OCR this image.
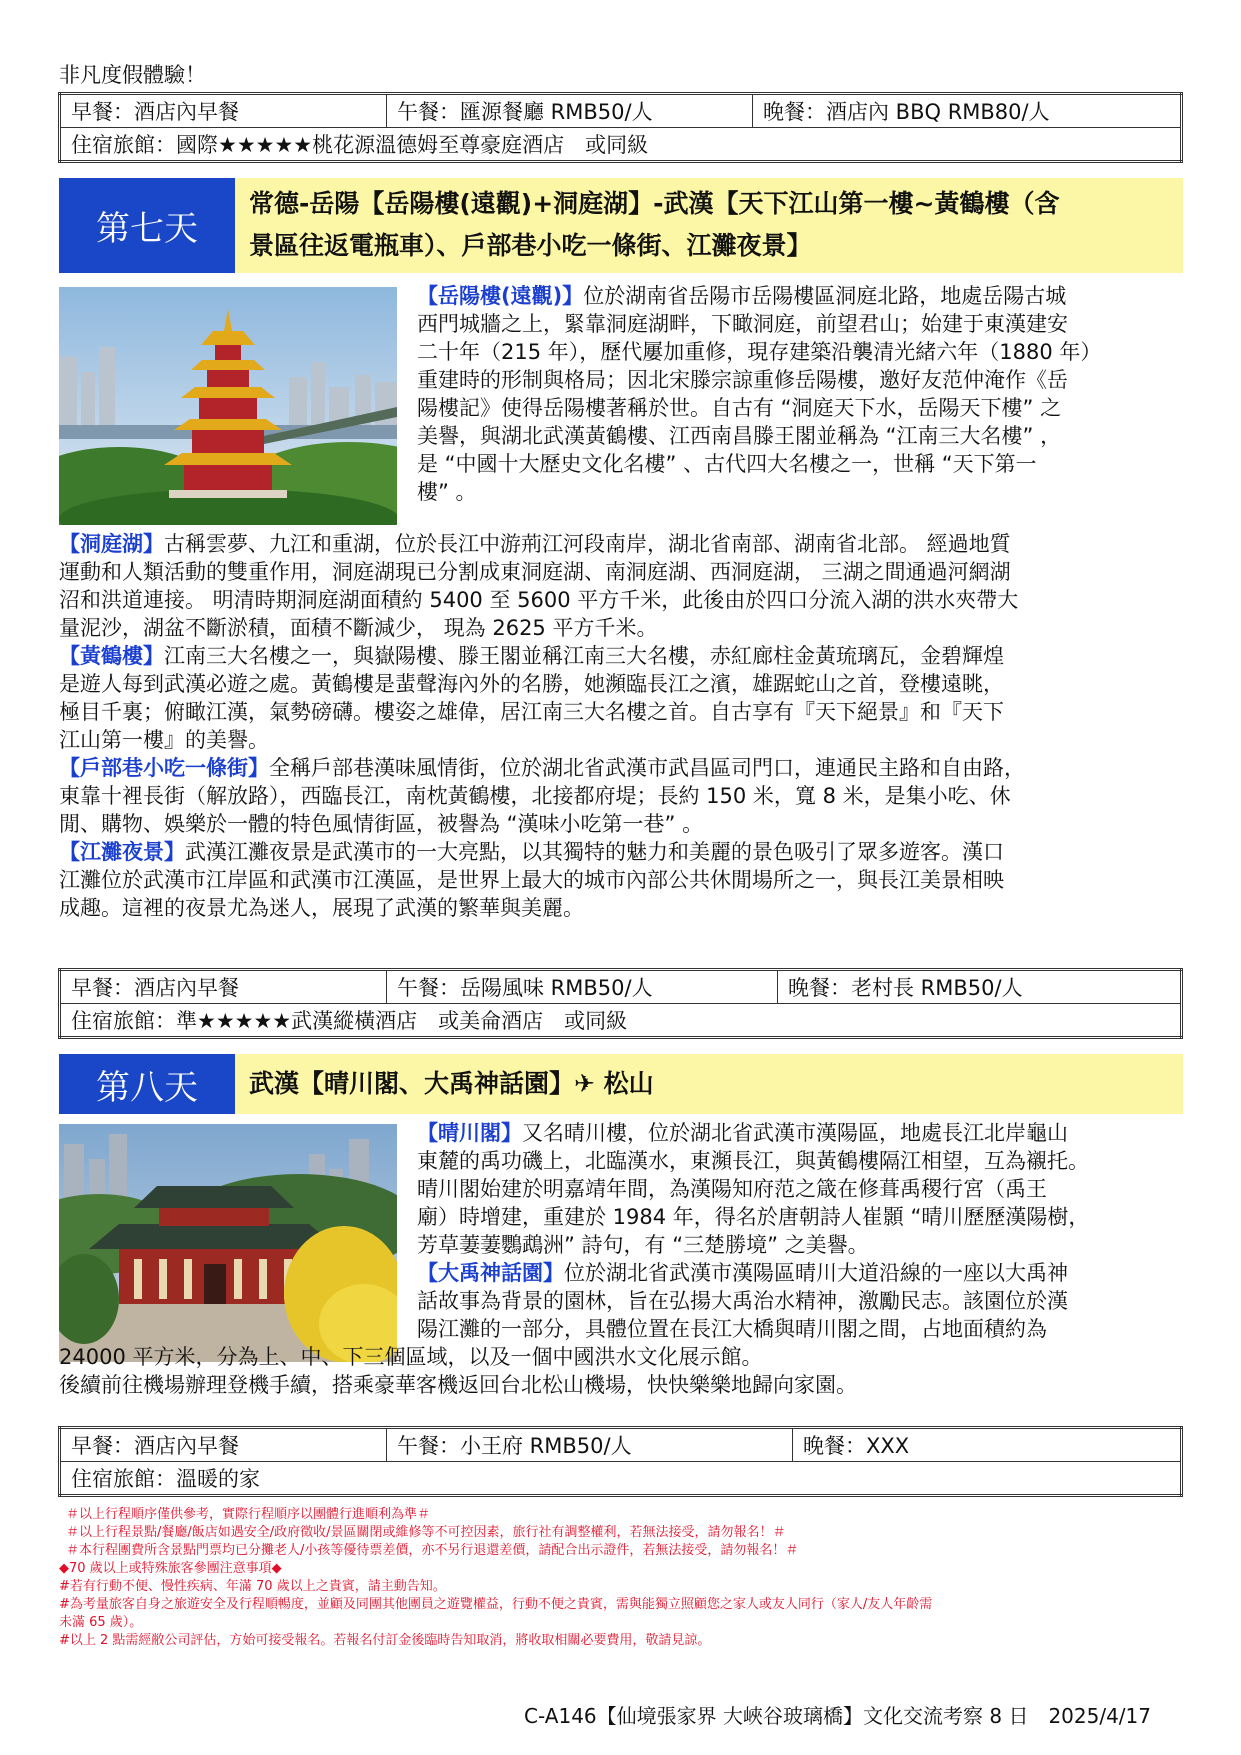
非凡度假體驗！
早餐：酒店內早餐	午餐：匯源餐廳 RMB50/人	晚餐：酒店內 BBQ RMB80/人
住宿旅館：國際★★★★★桃花源溫德姆至尊豪庭酒店　或同級
第七天
常德-岳陽【岳陽樓(遠觀)+洞庭湖】-武漢【天下江山第一樓~黃鶴樓（含
景區往返電瓶車）、戶部巷小吃一條街、江灘夜景】
【岳陽樓(遠觀)】位於湖南省岳陽市岳陽樓區洞庭北路，地處岳陽古城
西門城牆之上，緊靠洞庭湖畔，下瞰洞庭，前望君山；始建于東漢建安
二十年（215 年），歷代屢加重修，現存建築沿襲清光緒六年（1880 年）
重建時的形制與格局；因北宋滕宗諒重修岳陽樓，邀好友范仲淹作《岳
陽樓記》使得岳陽樓著稱於世。自古有 “洞庭天下水，岳陽天下樓” 之
美譽，與湖北武漢黃鶴樓、江西南昌滕王閣並稱為 “江南三大名樓” ，
是 “中國十大歷史文化名樓” 、古代四大名樓之一，世稱 “天下第一
樓” 。
【洞庭湖】古稱雲夢、九江和重湖，位於長江中游荊江河段南岸，湖北省南部、湖南省北部。 經過地質
運動和人類活動的雙重作用，洞庭湖現已分割成東洞庭湖、南洞庭湖、西洞庭湖， 三湖之間通過河網湖
沼和洪道連接。 明清時期洞庭湖面積約 5400 至 5600 平方千米，此後由於四口分流入湖的洪水夾帶大
量泥沙，湖盆不斷淤積，面積不斷減少， 現為 2625 平方千米。
【黃鶴樓】江南三大名樓之一，與嶽陽樓、滕王閣並稱江南三大名樓，赤紅廊柱金黃琉璃瓦，金碧輝煌
是遊人每到武漢必遊之處。黃鶴樓是蜚聲海內外的名勝，她瀕臨長江之濱，雄踞蛇山之首，登樓遠眺，
極目千裏；俯瞰江漢，氣勢磅礴。樓姿之雄偉，居江南三大名樓之首。自古享有『天下絕景』和『天下
江山第一樓』的美譽。
【戶部巷小吃一條街】全稱戶部巷漢味風情街，位於湖北省武漢市武昌區司門口，連通民主路和自由路，
東靠十裡長街（解放路），西臨長江，南枕黃鶴樓，北接都府堤；長約 150 米，寬 8 米，是集小吃、休
閒、購物、娛樂於一體的特色風情街區，被譽為 “漢味小吃第一巷” 。
【江灘夜景】武漢江灘夜景是武漢市的一大亮點，以其獨特的魅力和美麗的景色吸引了眾多遊客。漢口
江灘位於武漢市江岸區和武漢市江漢區，是世界上最大的城市內部公共休閒場所之一，與長江美景相映
成趣。這裡的夜景尤為迷人，展現了武漢的繁華與美麗。
早餐：酒店內早餐	午餐：岳陽風味 RMB50/人	晚餐：老村長 RMB50/人
住宿旅館：準★★★★★武漢縱橫酒店　或美侖酒店　或同級
第八天	武漢【晴川閣、大禹神話園】✈ 松山
【晴川閣】又名晴川樓，位於湖北省武漢市漢陽區，地處長江北岸龜山
東麓的禹功磯上，北臨漢水，東瀕長江，與黃鶴樓隔江相望，互為襯托。
晴川閣始建於明嘉靖年間，為漢陽知府范之箴在修葺禹稷行宮（禹王
廟）時增建，重建於 1984 年，得名於唐朝詩人崔顥 “晴川歷歷漢陽樹，
芳草萋萋鸚鵡洲” 詩句，有 “三楚勝境” 之美譽。
【大禹神話園】位於湖北省武漢市漢陽區晴川大道沿線的一座以大禹神
話故事為背景的園林，旨在弘揚大禹治水精神，激勵民志。該園位於漢
陽江灘的一部分，具體位置在長江大橋與晴川閣之間，占地面積約為
24000 平方米，分為上、中、下三個區域，以及一個中國洪水文化展示館。
後續前往機場辦理登機手續，搭乘豪華客機返回台北松山機場，快快樂樂地歸向家園。
早餐：酒店內早餐	午餐：小王府 RMB50/人	晚餐：XXX
住宿旅館：溫暖的家
＃以上行程順序僅供參考，實際行程順序以團體行進順利為準＃
＃以上行程景點/餐廳/飯店如遇安全/政府徵收/景區關閉或維修等不可控因素，旅行社有調整權利，若無法接受，請勿報名！＃
＃本行程團費所含景點門票均已分攤老人/小孩等優待票差價，亦不另行退還差價，請配合出示證件，若無法接受，請勿報名！＃
◆70 歲以上或特殊旅客參團注意事項◆
#若有行動不便、慢性疾病、年滿 70 歲以上之貴賓，請主動告知。
#為考量旅客自身之旅遊安全及行程順暢度，並顧及同團其他團員之遊覽權益，行動不便之貴賓，需與能獨立照顧您之家人或友人同行（家人/友人年齡需
未滿 65 歲）。
#以上 2 點需經敝公司評估，方始可接受報名。若報名付訂金後臨時告知取消，將收取相關必要費用，敬請見諒。
C-A146【仙境張家界 大峽谷玻璃橋】文化交流考察 8 日　2025/4/17
